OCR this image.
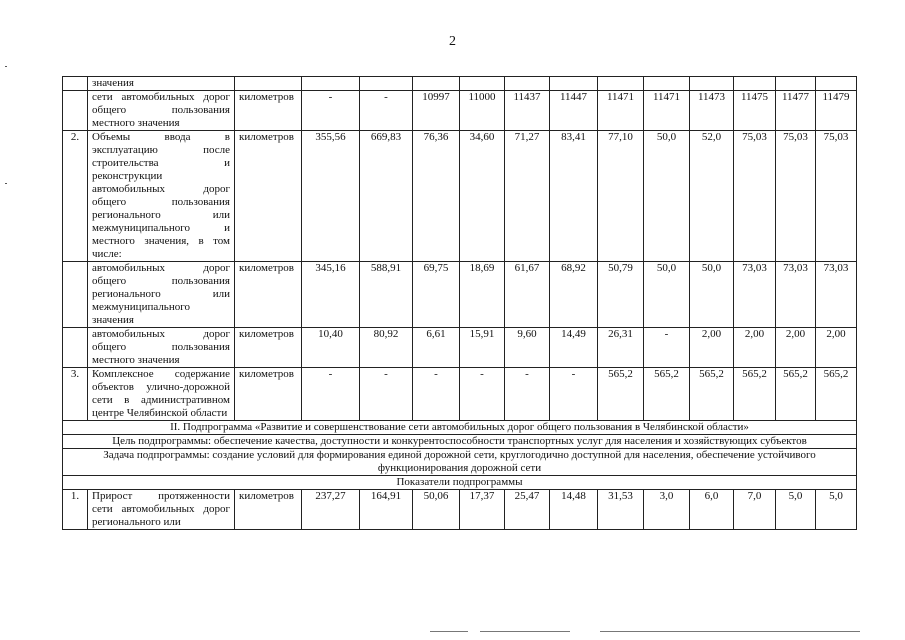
2
	значения													
	сети автомобильных дорог общего пользования местного значения	километров	-	-	10997	11000	11437	11447	11471	11471	11473	11475	11477	11479
2.	Объемы ввода в эксплуатацию после строительства и реконструкции автомобильных дорог общего пользования регионального или межмуниципального и местного значения, в том числе:	километров	355,56	669,83	76,36	34,60	71,27	83,41	77,10	50,0	52,0	75,03	75,03	75,03
	автомобильных дорог общего пользования регионального или межмуниципального значения	километров	345,16	588,91	69,75	18,69	61,67	68,92	50,79	50,0	50,0	73,03	73,03	73,03
	автомобильных дорог общего пользования местного значения	километров	10,40	80,92	6,61	15,91	9,60	14,49	26,31	-	2,00	2,00	2,00	2,00
3.	Комплексное содержание объектов улично-дорожной сети в административном центре Челябинской области	километров	-	-	-	-	-	-	565,2	565,2	565,2	565,2	565,2	565,2
II. Подпрограмма «Развитие и совершенствование сети автомобильных дорог общего пользования в Челябинской области»														
Цель подпрограммы: обеспечение качества, доступности и конкурентоспособности транспортных услуг для населения и хозяйствующих субъектов														
Задача подпрограммы: создание условий для формирования единой дорожной сети, круглогодично доступной для населения, обеспечение устойчивого функционирования дорожной сети														
Показатели подпрограммы														
1.	Прирост протяженности сети автомобильных дорог регионального или	километров	237,27	164,91	50,06	17,37	25,47	14,48	31,53	3,0	6,0	7,0	5,0	5,0
